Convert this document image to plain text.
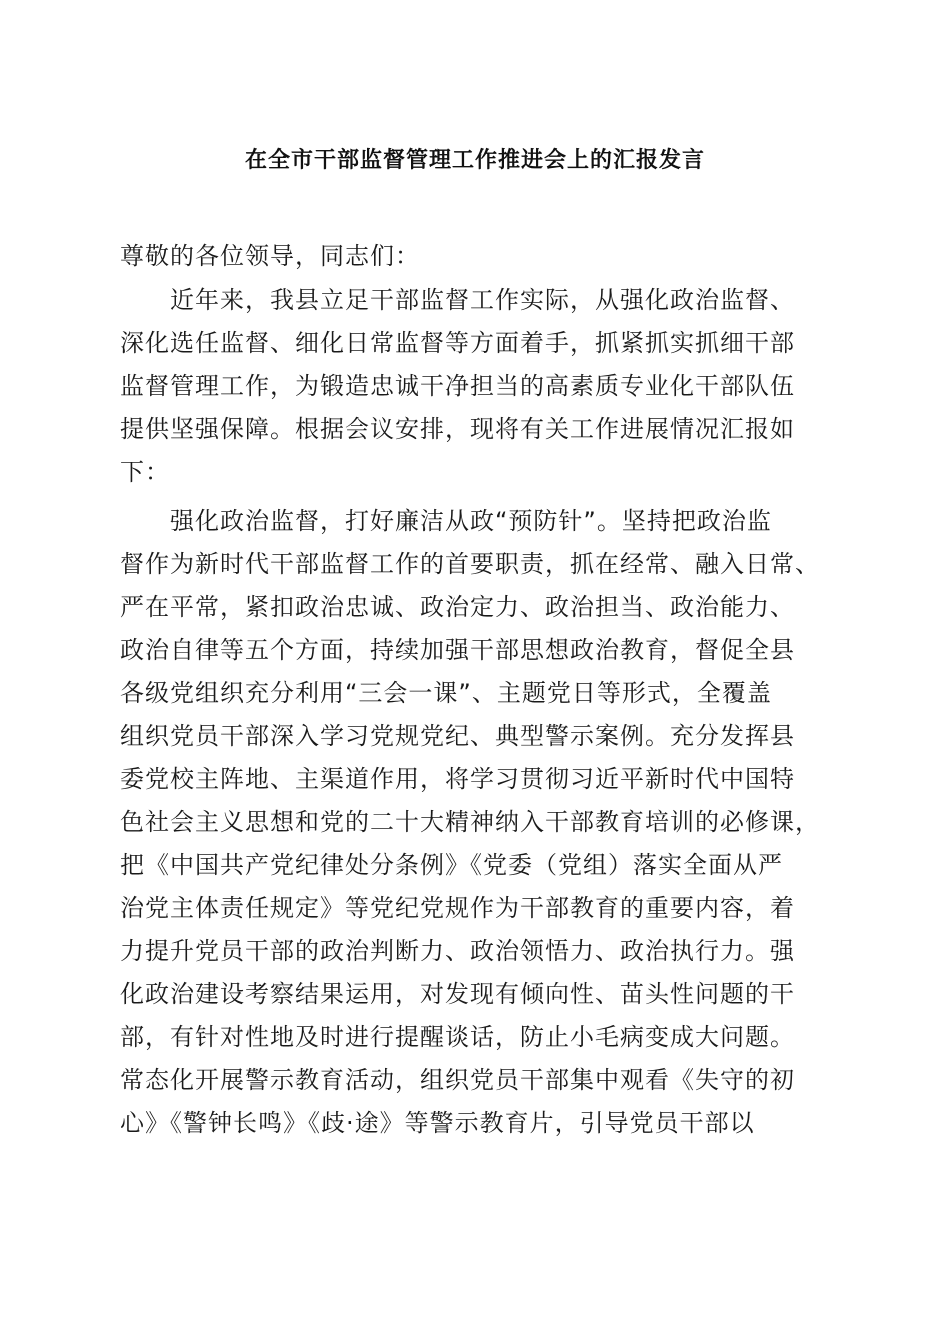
在全市干部监督管理工作推进会上的汇报发言
尊敬的各位领导，同志们：
　　近年来，我县立足干部监督工作实际，从强化政治监督、
深化选任监督、细化日常监督等方面着手，抓紧抓实抓细干部
监督管理工作，为锻造忠诚干净担当的高素质专业化干部队伍
提供坚强保障。根据会议安排，现将有关工作进展情况汇报如
下：
　　强化政治监督，打好廉洁从政“预防针”。坚持把政治监
督作为新时代干部监督工作的首要职责，抓在经常、融入日常、
严在平常，紧扣政治忠诚、政治定力、政治担当、政治能力、
政治自律等五个方面，持续加强干部思想政治教育，督促全县
各级党组织充分利用“三会一课”、主题党日等形式，全覆盖
组织党员干部深入学习党规党纪、典型警示案例。充分发挥县
委党校主阵地、主渠道作用，将学习贯彻习近平新时代中国特
色社会主义思想和党的二十大精神纳入干部教育培训的必修课，
把《中国共产党纪律处分条例》《党委（党组）落实全面从严
治党主体责任规定》等党纪党规作为干部教育的重要内容，着
力提升党员干部的政治判断力、政治领悟力、政治执行力。强
化政治建设考察结果运用，对发现有倾向性、苗头性问题的干
部，有针对性地及时进行提醒谈话，防止小毛病变成大问题。
常态化开展警示教育活动，组织党员干部集中观看《失守的初
心》《警钟长鸣》《歧·途》等警示教育片，引导党员干部以
